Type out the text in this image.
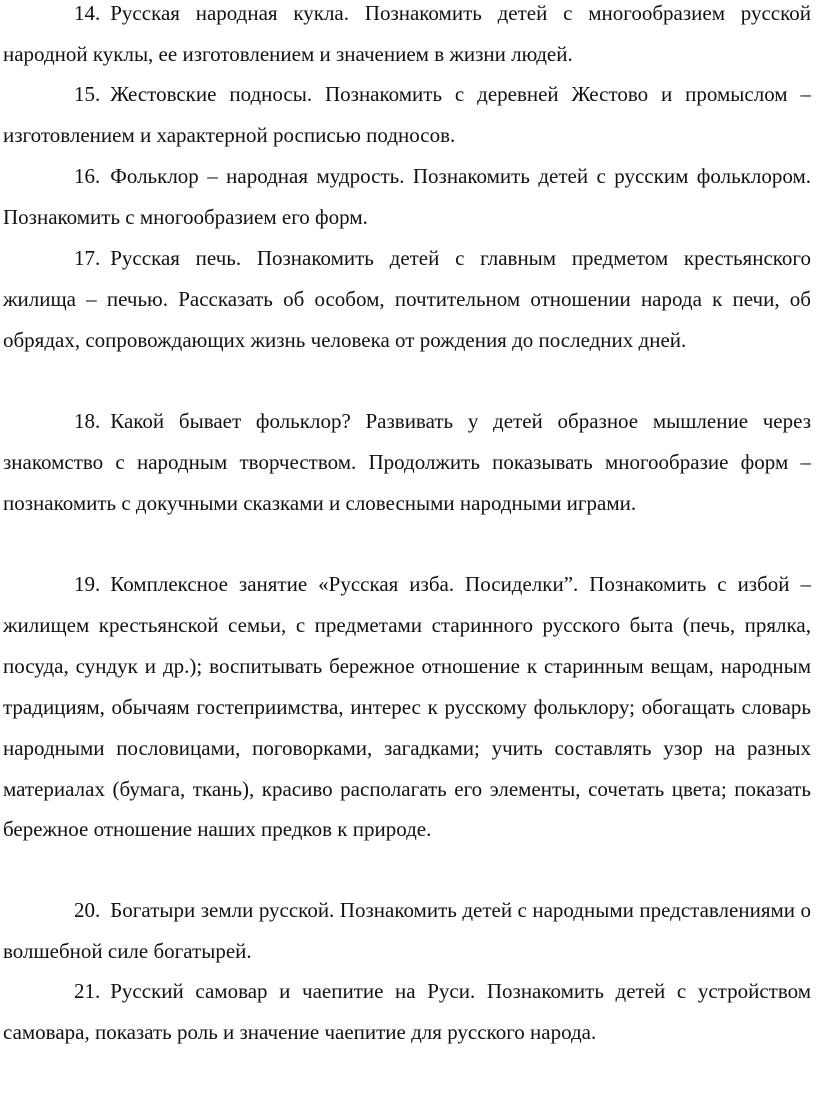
14. Русская народная кукла. Познакомить детей с многообразием русской народной куклы, ее изготовлением и значением в жизни людей.

15. Жестовские подносы. Познакомить с деревней Жестово и промыслом – изготовлением и характерной росписью подносов.

16. Фольклор – народная мудрость. Познакомить детей с русским фольклором. Познакомить с многообразием его форм.

17. Русская печь. Познакомить детей с главным предметом крестьянского жилища – печью. Рассказать об особом, почтительном отношении народа к печи, об обрядах, сопровождающих жизнь человека от рождения до последних дней.

18. Какой бывает фольклор? Развивать у детей образное мышление через знакомство с народным творчеством. Продолжить показывать многообразие форм – познакомить с докучными сказками и словесными народными играми.

19. Комплексное занятие «Русская изба. Посиделки”. Познакомить с избой – жилищем крестьянской семьи, с предметами старинного русского быта (печь, прялка, посуда, сундук и др.); воспитывать бережное отношение к старинным вещам, народным традициям, обычаям гостеприимства, интерес к русскому фольклору; обогащать словарь народными пословицами, поговорками, загадками; учить составлять узор на разных материалах (бумага, ткань), красиво располагать его элементы, сочетать цвета; показать бережное отношение наших предков к природе.

20. Богатыри земли русской. Познакомить детей с народными представлениями о волшебной силе богатырей.

21. Русский самовар и чаепитие на Руси. Познакомить детей с устройством самовара, показать роль и значение чаепитие для русского народа.
